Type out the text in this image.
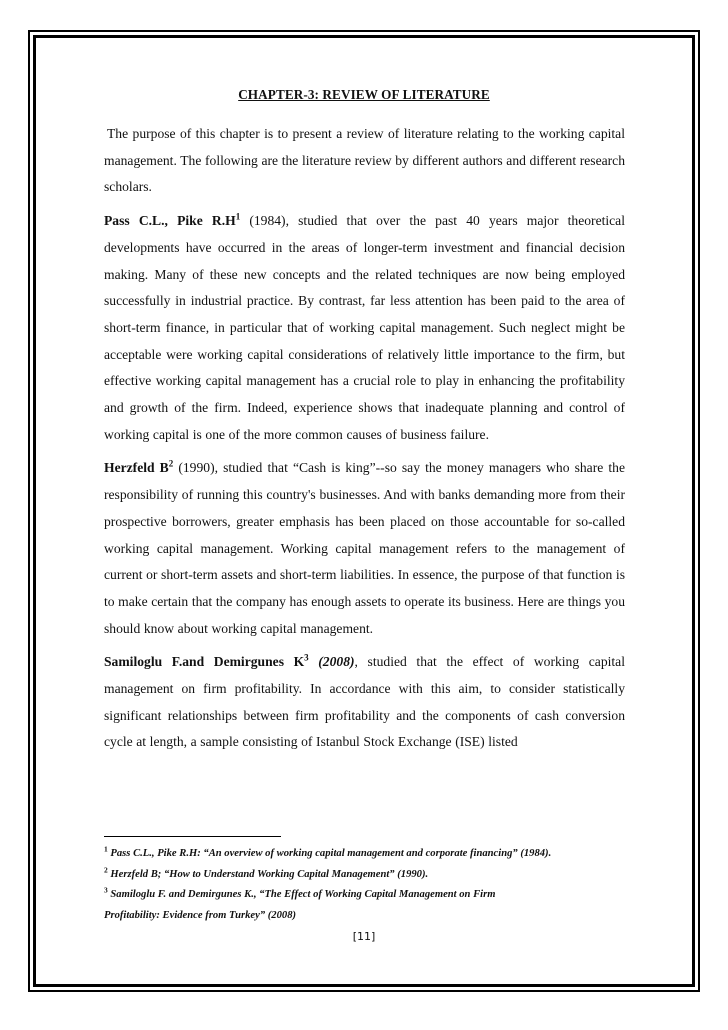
CHAPTER-3: REVIEW OF LITERATURE

The purpose of this chapter is to present a review of literature relating to the working capital management. The following are the literature review by different authors and different research scholars.

Pass C.L., Pike $R.H^1$ (1984), studied that over the past 40 years major theoretical developments have occurred in the areas of longer-term investment and financial decision making. Many of these new concepts and the related techniques are now being employed successfully in industrial practice. By contrast, far less attention has been paid to the area of short-term finance, in particular that of working capital management. Such neglect might be acceptable were working capital considerations of relatively little importance to the firm, but effective working capital management has a crucial role to play in enhancing the profitability and growth of the firm. Indeed, experience shows that inadequate planning and control of working capital is one of the more common causes of business failure.

Herzfeld $B^2$ (1990), studied that “Cash is king”--so say the money managers who share the responsibility of running this country's businesses. And with banks demanding more from their prospective borrowers, greater emphasis has been placed on those accountable for so-called working capital management. Working capital management refers to the management of current or short-term assets and short-term liabilities. In essence, the purpose of that function is to make certain that the company has enough assets to operate its business. Here are things you should know about working capital management.

Samiloglu F.and Demirgunes $K^3$ (2008), studied that the effect of working capital management on firm profitability. In accordance with this aim, to consider statistically significant relationships between firm profitability and the components of cash conversion cycle at length, a sample consisting of Istanbul Stock Exchange (ISE) listed

$^1$ Pass C.L., Pike R.H: “An overview of working capital management and corporate financing” (1984).
$^2$ Herzfeld B; “How to Understand Working Capital Management” (1990).
$^3$ Samiloglu F. and Demirgunes K., “The Effect of Working Capital Management on Firm
Profitability: Evidence from Turkey” (2008)
[11]
